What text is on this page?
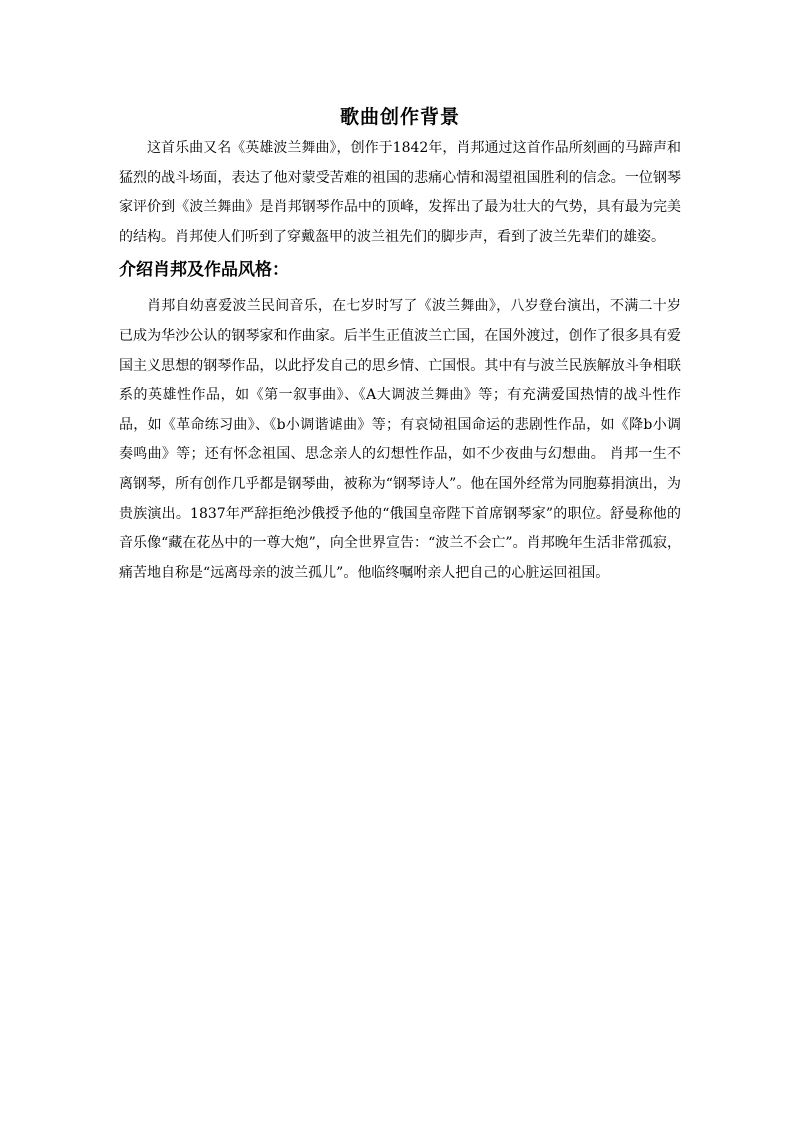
歌曲创作背景

这首乐曲又名《英雄波兰舞曲》，创作于1842年，肖邦通过这首作品所刻画的马蹄声和猛烈的战斗场面，表达了他对蒙受苦难的祖国的悲痛心情和渴望祖国胜利的信念。一位钢琴家评价到《波兰舞曲》是肖邦钢琴作品中的顶峰，发挥出了最为壮大的气势，具有最为完美的结构。肖邦使人们听到了穿戴盔甲的波兰祖先们的脚步声，看到了波兰先辈们的雄姿。

介绍肖邦及作品风格：

肖邦自幼喜爱波兰民间音乐，在七岁时写了《波兰舞曲》，八岁登台演出，不满二十岁已成为华沙公认的钢琴家和作曲家。后半生正值波兰亡国，在国外渡过，创作了很多具有爱国主义思想的钢琴作品，以此抒发自己的思乡情、亡国恨。其中有与波兰民族解放斗争相联系的英雄性作品，如《第一叙事曲》、《A大调波兰舞曲》等；有充满爱国热情的战斗性作品，如《革命练习曲》、《b小调谐谑曲》等；有哀恸祖国命运的悲剧性作品，如《降b小调奏鸣曲》等；还有怀念祖国、思念亲人的幻想性作品，如不少夜曲与幻想曲。 肖邦一生不离钢琴，所有创作几乎都是钢琴曲，被称为“钢琴诗人”。他在国外经常为同胞募捐演出，为贵族演出。1837年严辞拒绝沙俄授予他的“俄国皇帝陛下首席钢琴家”的职位。舒曼称他的音乐像“藏在花丛中的一尊大炮”，向全世界宣告：“波兰不会亡”。肖邦晚年生活非常孤寂，痛苦地自称是“远离母亲的波兰孤儿”。他临终嘱咐亲人把自己的心脏运回祖国。
